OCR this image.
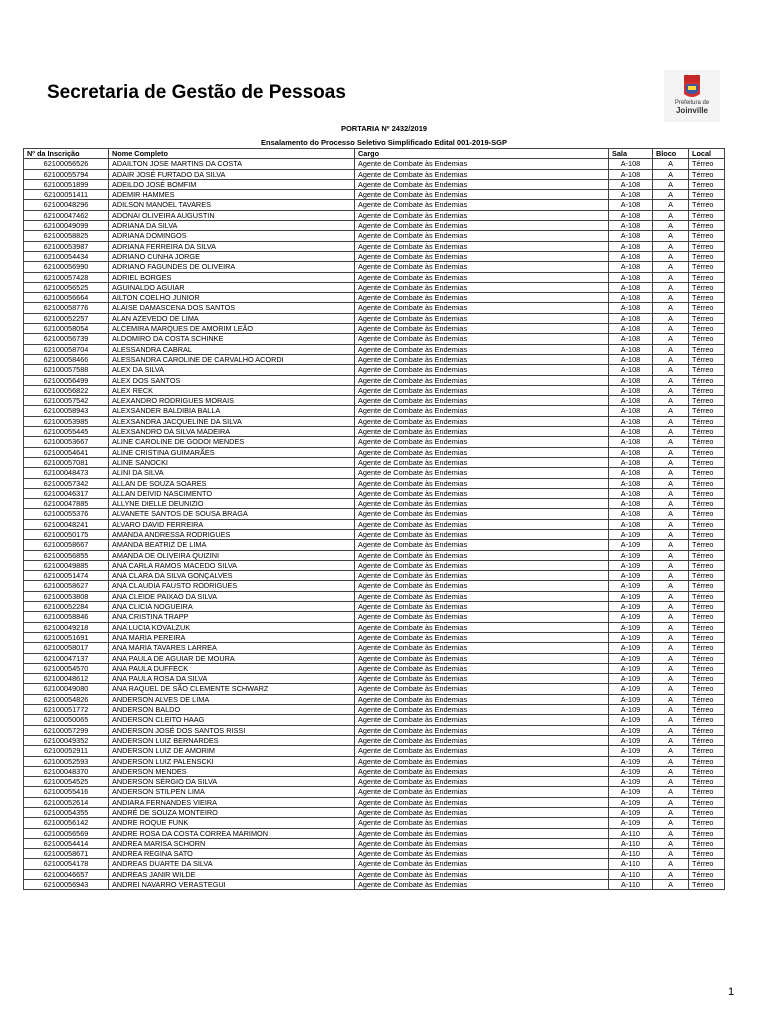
Secretaria de Gestão de Pessoas	Prefeitura de
Joinville
PORTARIA Nº 2432/2019
Ensalamento do Processo Seletivo Simplificado Edital 001-2019-SGP
Nº da Inscrição	Nome Completo	Cargo	Sala	Bloco	Local
62100056526	ADAILTON JOSE MARTINS DA COSTA	Agente de Combate às Endemias	A-108	A	Térreo
62100055794	ADAIR JOSÉ FURTADO DA SILVA	Agente de Combate às Endemias	A-108	A	Térreo
62100051899	ADEILDO JOSÉ BOMFIM	Agente de Combate às Endemias	A-108	A	Térreo
62100051411	ADEMIR HAMMES	Agente de Combate às Endemias	A-108	A	Térreo
62100048296	ADILSON MANOEL TAVARES	Agente de Combate às Endemias	A-108	A	Térreo
62100047462	ADONAI OLIVEIRA AUGUSTIN	Agente de Combate às Endemias	A-108	A	Térreo
62100049099	ADRIANA DA SILVA	Agente de Combate às Endemias	A-108	A	Térreo
62100058825	ADRIANA DOMINGOS	Agente de Combate às Endemias	A-108	A	Térreo
62100053987	ADRIANA FERREIRA DA SILVA	Agente de Combate às Endemias	A-108	A	Térreo
62100054434	ADRIANO CUNHA JORGE	Agente de Combate às Endemias	A-108	A	Térreo
62100056990	ADRIANO FAGUNDES DE OLIVEIRA	Agente de Combate às Endemias	A-108	A	Térreo
62100057428	ADRIEL BORGES	Agente de Combate às Endemias	A-108	A	Térreo
62100056525	AGUINALDO AGUIAR	Agente de Combate às Endemias	A-108	A	Térreo
62100056664	AILTON COELHO JUNIOR	Agente de Combate às Endemias	A-108	A	Térreo
62100058776	ALAISE DAMASCENA DOS SANTOS	Agente de Combate às Endemias	A-108	A	Térreo
62100052257	ALAN AZEVEDO DE LIMA	Agente de Combate às Endemias	A-108	A	Térreo
62100058054	ALCEMIRA MARQUES DE AMORIM LEÃO	Agente de Combate às Endemias	A-108	A	Térreo
62100056739	ALDOMIRO DA COSTA SCHINKE	Agente de Combate às Endemias	A-108	A	Térreo
62100058704	ALESSANDRA CABRAL	Agente de Combate às Endemias	A-108	A	Térreo
62100058466	ALESSANDRA CAROLINE DE CARVALHO ACORDI	Agente de Combate às Endemias	A-108	A	Térreo
62100057588	ALEX DA SILVA	Agente de Combate às Endemias	A-108	A	Térreo
62100056499	ALEX DOS SANTOS	Agente de Combate às Endemias	A-108	A	Térreo
62100056822	ALEX RECK	Agente de Combate às Endemias	A-108	A	Térreo
62100057542	ALEXANDRO RODRIGUES MORAIS	Agente de Combate às Endemias	A-108	A	Térreo
62100058943	ALEXSANDER BALDIBIA BALLA	Agente de Combate às Endemias	A-108	A	Térreo
62100053985	ALEXSANDRA JACQUELINE DA SILVA	Agente de Combate às Endemias	A-108	A	Térreo
62100055445	ALEXSANDRO DA SILVA MADEIRA	Agente de Combate às Endemias	A-108	A	Térreo
62100053667	ALINE CAROLINE DE GODOI MENDES	Agente de Combate às Endemias	A-108	A	Térreo
62100054641	ALINE CRISTINA GUIMARÃES	Agente de Combate às Endemias	A-108	A	Térreo
62100057081	ALINE SANOCKI	Agente de Combate às Endemias	A-108	A	Térreo
62100048473	ALINI DA SILVA	Agente de Combate às Endemias	A-108	A	Térreo
62100057342	ALLAN DE SOUZA SOARES	Agente de Combate às Endemias	A-108	A	Térreo
62100046317	ALLAN DEIVID NASCIMENTO	Agente de Combate às Endemias	A-108	A	Térreo
62100047885	ALLYNE DIELLE DEUNIZIO	Agente de Combate às Endemias	A-108	A	Térreo
62100055376	ALVANETE SANTOS DE SOUSA BRAGA	Agente de Combate às Endemias	A-108	A	Térreo
62100048241	ALVARO DAVID FERREIRA	Agente de Combate às Endemias	A-108	A	Térreo
62100050175	AMANDA ANDRESSA RODRIGUES	Agente de Combate às Endemias	A-109	A	Térreo
62100058667	AMANDA BEATRIZ DE LIMA	Agente de Combate às Endemias	A-109	A	Térreo
62100056855	AMANDA DE OLIVEIRA QUIZINI	Agente de Combate às Endemias	A-109	A	Térreo
62100049885	ANA CARLA RAMOS MACEDO SILVA	Agente de Combate às Endemias	A-109	A	Térreo
62100051474	ANA CLARA DA SILVA GONÇALVES	Agente de Combate às Endemias	A-109	A	Térreo
62100058627	ANA CLAUDIA FAUSTO RODRIGUES	Agente de Combate às Endemias	A-109	A	Térreo
62100053808	ANA CLEIDE PAIXAO DA SILVA	Agente de Combate às Endemias	A-109	A	Térreo
62100052284	ANA CLICIA NOGUEIRA	Agente de Combate às Endemias	A-109	A	Térreo
62100058846	ANA CRISTINA TRAPP	Agente de Combate às Endemias	A-109	A	Térreo
62100049218	ANA LUCIA KOVALZUK	Agente de Combate às Endemias	A-109	A	Térreo
62100051691	ANA MARIA PEREIRA	Agente de Combate às Endemias	A-109	A	Térreo
62100058017	ANA MARIA TAVARES LARREA	Agente de Combate às Endemias	A-109	A	Térreo
62100047137	ANA PAULA DE AGUIAR DE MOURA	Agente de Combate às Endemias	A-109	A	Térreo
62100054570	ANA PAULA DUFFECK	Agente de Combate às Endemias	A-109	A	Térreo
62100048612	ANA PAULA ROSA DA SILVA	Agente de Combate às Endemias	A-109	A	Térreo
62100049080	ANA RAQUEL DE SÃO CLEMENTE SCHWARZ	Agente de Combate às Endemias	A-109	A	Térreo
62100054826	ANDERSON ALVES DE LIMA	Agente de Combate às Endemias	A-109	A	Térreo
62100051772	ANDERSON BALDO	Agente de Combate às Endemias	A-109	A	Térreo
62100050065	ANDERSON CLEITO HAAG	Agente de Combate às Endemias	A-109	A	Térreo
62100057299	ANDERSON JOSÉ DOS SANTOS RISSI	Agente de Combate às Endemias	A-109	A	Térreo
62100049352	ANDERSON LUIZ BERNARDES	Agente de Combate às Endemias	A-109	A	Térreo
62100052911	ANDERSON LUIZ DE AMORIM	Agente de Combate às Endemias	A-109	A	Térreo
62100052593	ANDERSON LUIZ PALENSCKI	Agente de Combate às Endemias	A-109	A	Térreo
62100048370	ANDERSON MENDES	Agente de Combate às Endemias	A-109	A	Térreo
62100054525	ANDERSON SÉRGIO DA SILVA	Agente de Combate às Endemias	A-109	A	Térreo
62100055416	ANDERSON STILPEN LIMA	Agente de Combate às Endemias	A-109	A	Térreo
62100052614	ANDIARA FERNANDES VIEIRA	Agente de Combate às Endemias	A-109	A	Térreo
62100054355	ANDRÉ DE SOUZA MONTEIRO	Agente de Combate às Endemias	A-109	A	Térreo
62100056142	ANDRE ROQUE FUNK	Agente de Combate às Endemias	A-109	A	Térreo
62100056569	ANDRE ROSA DA COSTA CORREA MARIMON	Agente de Combate às Endemias	A-110	A	Térreo
62100054414	ANDREA MARISA SCHORN	Agente de Combate às Endemias	A-110	A	Térreo
62100058671	ANDREA REGINA SATO	Agente de Combate às Endemias	A-110	A	Térreo
62100054178	ANDREAS DUARTE DA SILVA	Agente de Combate às Endemias	A-110	A	Térreo
62100046657	ANDREAS JANIR WILDE	Agente de Combate às Endemias	A-110	A	Térreo
62100056943	ANDREI NAVARRO VERASTEGUI	Agente de Combate às Endemias	A-110	A	Térreo
1
